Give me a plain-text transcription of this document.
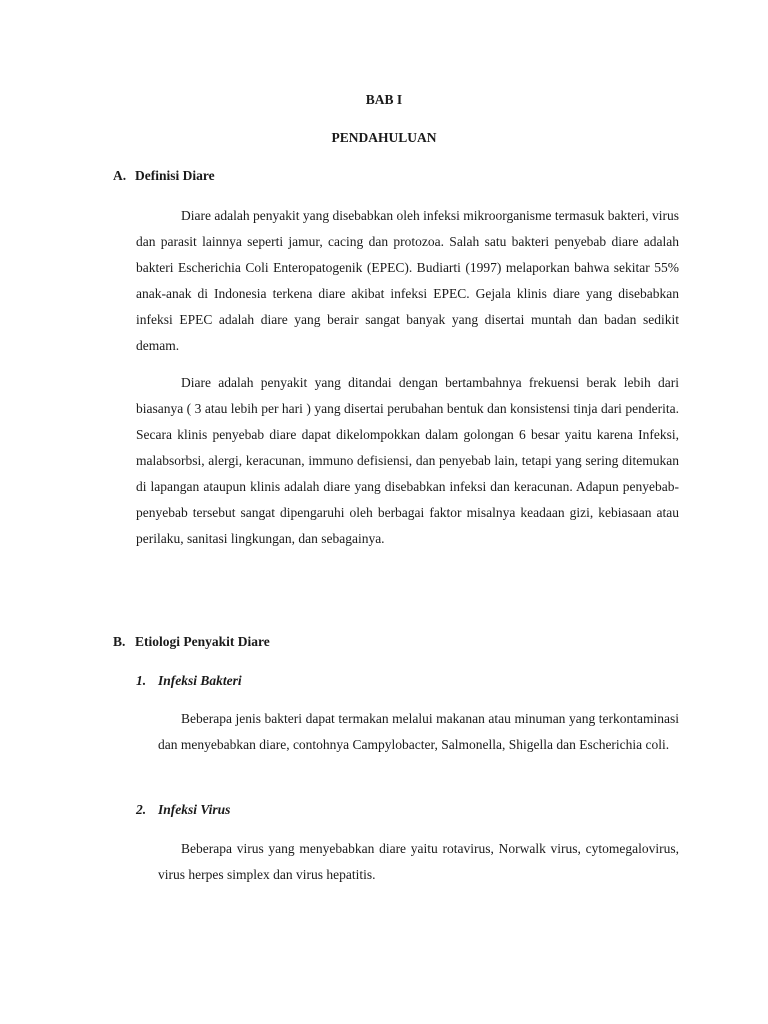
BAB I
PENDAHULUAN
A. Definisi Diare

Diare adalah penyakit yang disebabkan oleh infeksi mikroorganisme termasuk bakteri, virus dan parasit lainnya seperti jamur, cacing dan protozoa. Salah satu bakteri penyebab diare adalah bakteri Escherichia Coli Enteropatogenik (EPEC). Budiarti (1997) melaporkan bahwa sekitar 55% anak-anak di Indonesia terkena diare akibat infeksi EPEC. Gejala klinis diare yang disebabkan infeksi EPEC adalah diare yang berair sangat banyak yang disertai muntah dan badan sedikit demam.

Diare adalah penyakit yang ditandai dengan bertambahnya frekuensi berak lebih dari biasanya ( 3 atau lebih per hari ) yang disertai perubahan bentuk dan konsistensi tinja dari penderita. Secara klinis penyebab diare dapat dikelompokkan dalam golongan 6 besar yaitu karena Infeksi, malabsorbsi, alergi, keracunan, immuno defisiensi, dan penyebab lain, tetapi yang sering ditemukan di lapangan ataupun klinis adalah diare yang disebabkan infeksi dan keracunan. Adapun penyebab-penyebab tersebut sangat dipengaruhi oleh berbagai faktor misalnya keadaan gizi, kebiasaan atau perilaku, sanitasi lingkungan, dan sebagainya.

B. Etiologi Penyakit Diare
1. Infeksi Bakteri

Beberapa jenis bakteri dapat termakan melalui makanan atau minuman yang terkontaminasi dan menyebabkan diare, contohnya Campylobacter, Salmonella, Shigella dan Escherichia coli.

2. Infeksi Virus

Beberapa virus yang menyebabkan diare yaitu rotavirus, Norwalk virus, cytomegalovirus, virus herpes simplex dan virus hepatitis.
